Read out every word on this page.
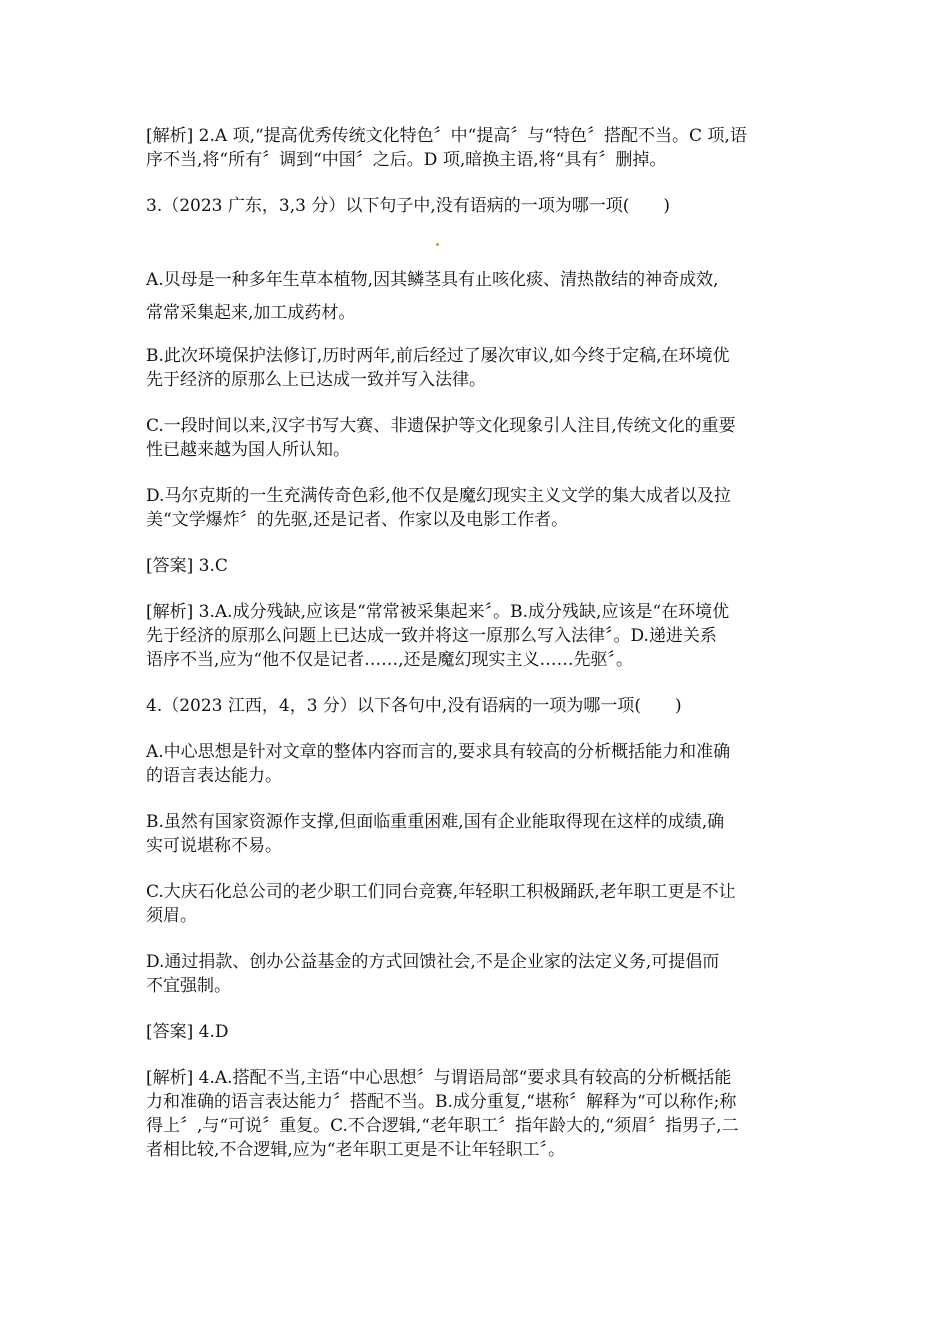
[解析] 2.A 项,“提高优秀传统文化特色〞中“提高〞与“特色〞搭配不当。C 项,语
序不当,将“所有〞调到“中国〞之后。D 项,暗换主语,将“具有〞删掉。

3.（2023 广东，3,3 分）以下句子中,没有语病的一项为哪一项(　　)

A.贝母是一种多年生草本植物,因其鳞茎具有止咳化痰、清热散结的神奇成效,
常常采集起来,加工成药材。

B.此次环境保护法修订,历时两年,前后经过了屡次审议,如今终于定稿,在环境优
先于经济的原那么上已达成一致并写入法律。

C.一段时间以来,汉字书写大赛、非遗保护等文化现象引人注目,传统文化的重要
性已越来越为国人所认知。

D.马尔克斯的一生充满传奇色彩,他不仅是魔幻现实主义文学的集大成者以及拉
美“文学爆炸〞的先驱,还是记者、作家以及电影工作者。

[答案] 3.C

[解析] 3.A.成分残缺,应该是“常常被采集起来〞。B.成分残缺,应该是“在环境优
先于经济的原那么问题上已达成一致并将这一原那么写入法律〞。D.递进关系
语序不当,应为“他不仅是记者……,还是魔幻现实主义……先驱〞。

4.（2023 江西，4，3 分）以下各句中,没有语病的一项为哪一项(　　)

A.中心思想是针对文章的整体内容而言的,要求具有较高的分析概括能力和准确
的语言表达能力。

B.虽然有国家资源作支撑,但面临重重困难,国有企业能取得现在这样的成绩,确
实可说堪称不易。

C.大庆石化总公司的老少职工们同台竞赛,年轻职工积极踊跃,老年职工更是不让
须眉。

D.通过捐款、创办公益基金的方式回馈社会,不是企业家的法定义务,可提倡而
不宜强制。

[答案] 4.D

[解析] 4.A.搭配不当,主语“中心思想〞与谓语局部“要求具有较高的分析概括能
力和准确的语言表达能力〞搭配不当。B.成分重复,“堪称〞解释为“可以称作;称
得上〞,与“可说〞重复。C.不合逻辑,“老年职工〞指年龄大的,“须眉〞指男子,二
者相比较,不合逻辑,应为“老年职工更是不让年轻职工〞。
